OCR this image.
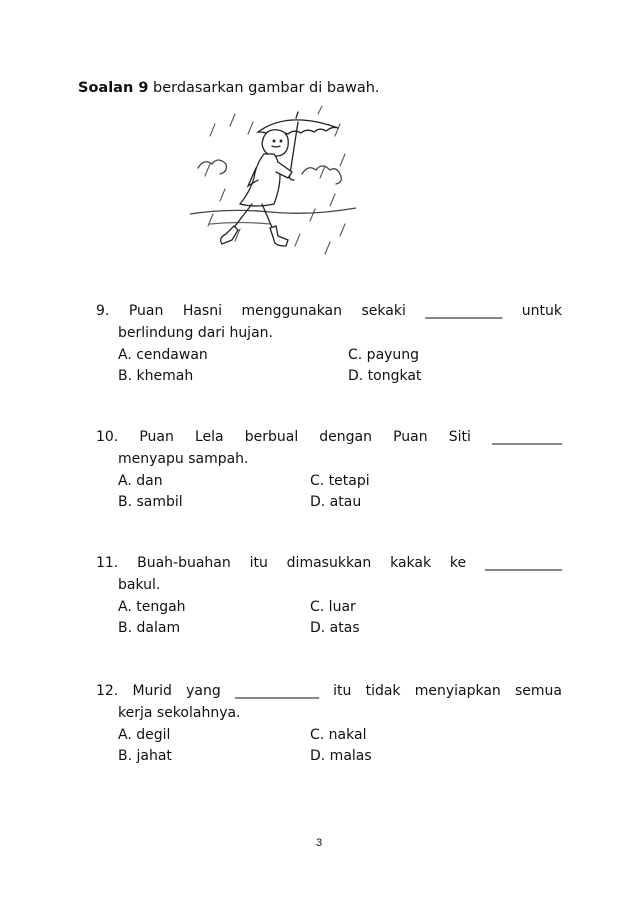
Soalan 9 berdasarkan gambar di bawah.
9. Puan Hasni menggunakan sekaki ___________ untuk
berlindung dari hujan.
A. cendawan	C. payung
B. khemah	D. tongkat
10. Puan Lela berbual dengan Puan Siti __________
menyapu sampah.
A. dan	C. tetapi
B. sambil	D. atau
11. Buah-buahan itu dimasukkan kakak ke ___________
bakul.
A. tengah	C. luar
B. dalam	D. atas
12. Murid yang ____________ itu tidak menyiapkan semua
kerja sekolahnya.
A. degil	C. nakal
B. jahat	D. malas
3
